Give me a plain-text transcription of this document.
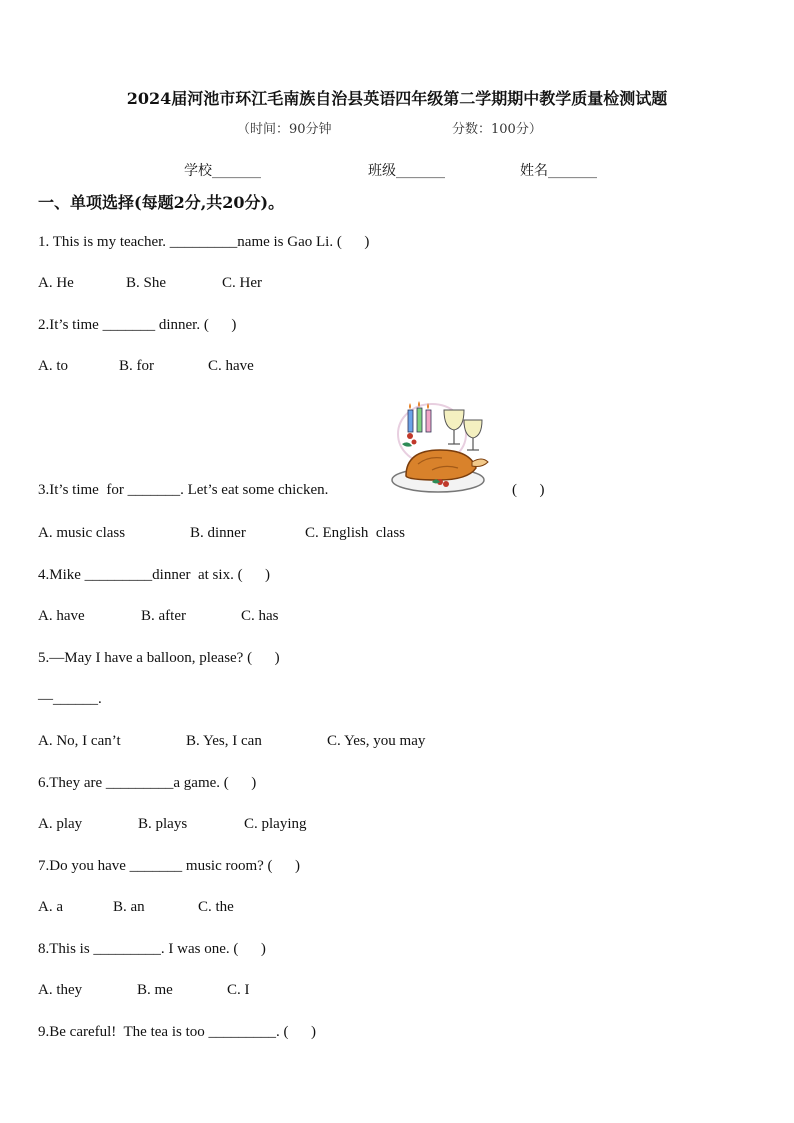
2024届河池市环江毛南族自治县英语四年级第二学期期中教学质量检测试题
（时间：90分钟	分数：100分）
学校_______	班级_______	姓名_______
一、单项选择(每题2分,共20分)。
1. This is my teacher. _________name is Gao Li. (      )
A. He	B. She	C. Her
2.It’s time _______ dinner. (      )
A. to	B. for	C. have
3.It’s time  for _______. Let’s eat some chicken.	(      )
A. music class	B. dinner	C. English  class
4.Mike _________dinner  at six. (      )
A. have	B. after	C. has
5.—May I have a balloon, please? (      )
—______.
A. No, I can’t	B. Yes, I can	C. Yes, you may
6.They are _________a game. (      )
A. play	B. plays	C. playing
7.Do you have _______ music room? (      )
A. a	B. an	C. the
8.This is _________. I was one. (      )
A. they	B. me	C. I
9.Be careful!  The tea is too _________. (      )
